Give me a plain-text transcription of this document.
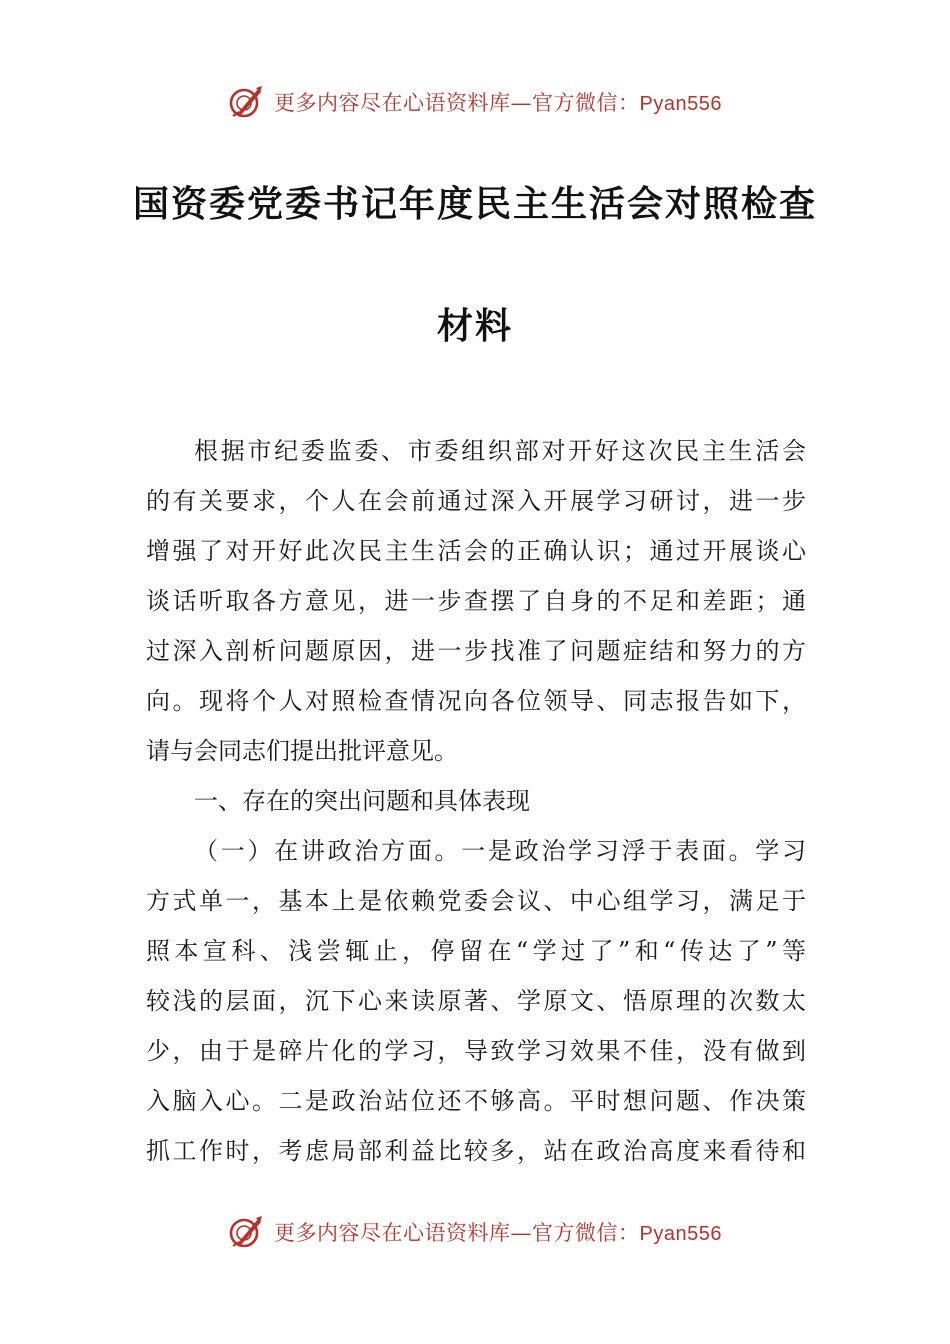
更多内容尽在心语资料库—官方微信：Pyan556
国资委党委书记年度民主生活会对照检查
材料
根据市纪委监委、市委组织部对开好这次民主生活会
的有关要求，个人在会前通过深入开展学习研讨，进一步
增强了对开好此次民主生活会的正确认识；通过开展谈心
谈话听取各方意见，进一步查摆了自身的不足和差距；通
过深入剖析问题原因，进一步找准了问题症结和努力的方
向。现将个人对照检查情况向各位领导、同志报告如下，
请与会同志们提出批评意见。
一、存在的突出问题和具体表现
（一）在讲政治方面。一是政治学习浮于表面。学习
方式单一，基本上是依赖党委会议、中心组学习，满足于
照本宣科、浅尝辄止，停留在“学过了”和“传达了”等
较浅的层面，沉下心来读原著、学原文、悟原理的次数太
少，由于是碎片化的学习，导致学习效果不佳，没有做到
入脑入心。二是政治站位还不够高。平时想问题、作决策
抓工作时，考虑局部利益比较多，站在政治高度来看待和
更多内容尽在心语资料库—官方微信：Pyan556
